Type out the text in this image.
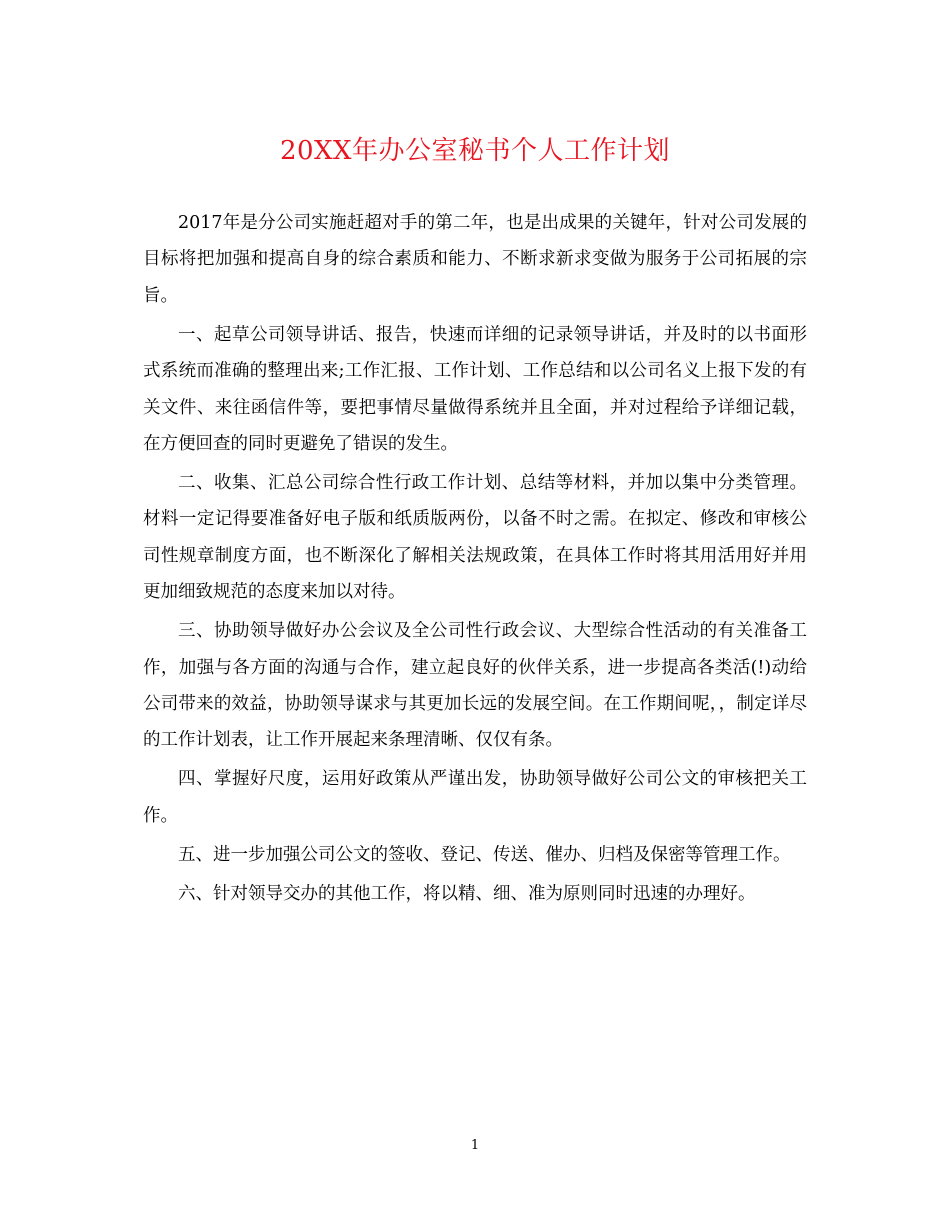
20XX年办公室秘书个人工作计划

2017年是分公司实施赶超对手的第二年，也是出成果的关键年，针对公司发展的目标将把加强和提高自身的综合素质和能力、不断求新求变做为服务于公司拓展的宗旨。

一、起草公司领导讲话、报告，快速而详细的记录领导讲话，并及时的以书面形式系统而准确的整理出来;工作汇报、工作计划、工作总结和以公司名义上报下发的有关文件、来往函信件等，要把事情尽量做得系统并且全面，并对过程给予详细记载，在方便回查的同时更避免了错误的发生。

二、收集、汇总公司综合性行政工作计划、总结等材料，并加以集中分类管理。材料一定记得要准备好电子版和纸质版两份，以备不时之需。在拟定、修改和审核公司性规章制度方面，也不断深化了解相关法规政策，在具体工作时将其用活用好并用更加细致规范的态度来加以对待。

三、协助领导做好办公会议及全公司性行政会议、大型综合性活动的有关准备工作，加强与各方面的沟通与合作，建立起良好的伙伴关系，进一步提高各类活(!)动给公司带来的效益，协助领导谋求与其更加长远的发展空间。在工作期间呢，，制定详尽的工作计划表，让工作开展起来条理清晰、仅仅有条。

四、掌握好尺度，运用好政策从严谨出发，协助领导做好公司公文的审核把关工作。

五、进一步加强公司公文的签收、登记、传送、催办、归档及保密等管理工作。

六、针对领导交办的其他工作，将以精、细、准为原则同时迅速的办理好。

1
